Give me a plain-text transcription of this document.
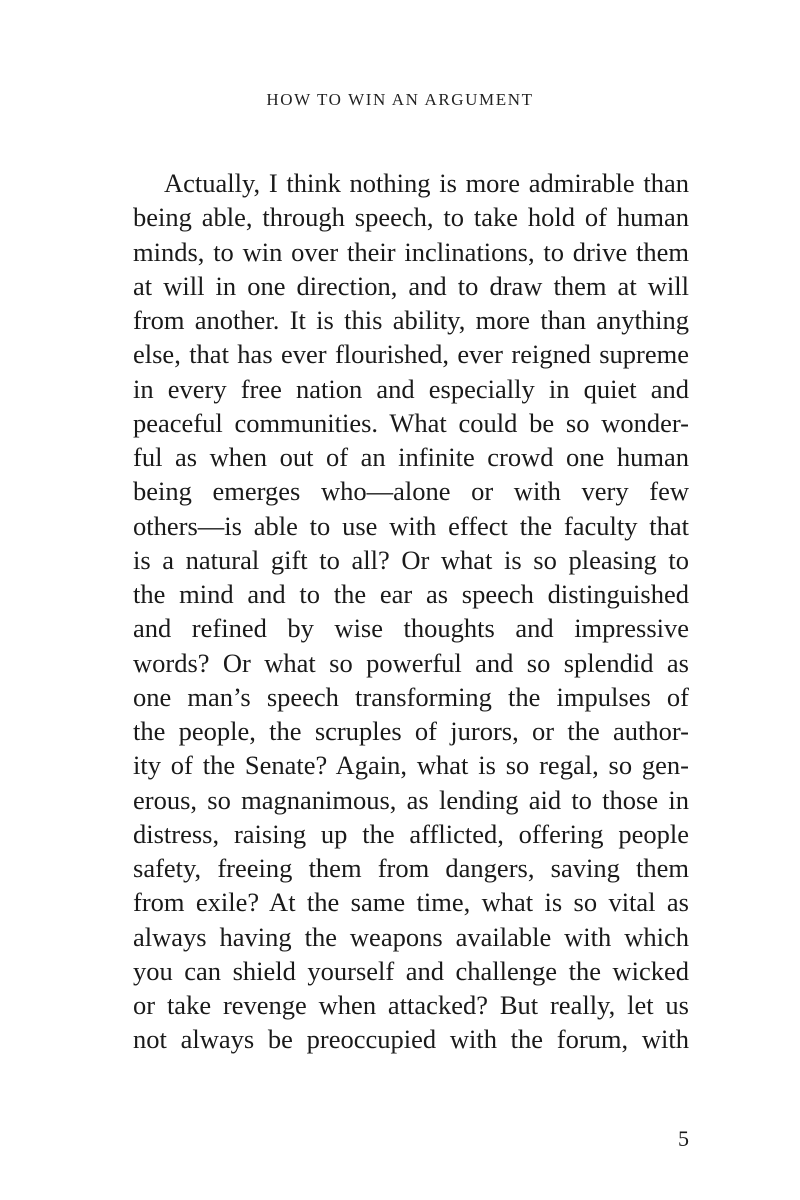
HOW TO WIN AN ARGUMENT

Actually, I think nothing is more admirable than
being able, through speech, to take hold of human
minds, to win over their inclinations, to drive them
at will in one direction, and to draw them at will
from another. It is this ability, more than anything
else, that has ever flourished, ever reigned supreme
in every free nation and especially in quiet and
peaceful communities. What could be so wonder-
ful as when out of an infinite crowd one human
being emerges who—alone or with very few
others—is able to use with effect the faculty that
is a natural gift to all? Or what is so pleasing to
the mind and to the ear as speech distinguished
and refined by wise thoughts and impressive
words? Or what so powerful and so splendid as
one man’s speech transforming the impulses of
the people, the scruples of jurors, or the author-
ity of the Senate? Again, what is so regal, so gen-
erous, so magnanimous, as lending aid to those in
distress, raising up the afflicted, offering people
safety, freeing them from dangers, saving them
from exile? At the same time, what is so vital as
always having the weapons available with which
you can shield yourself and challenge the wicked
or take revenge when attacked? But really, let us
not always be preoccupied with the forum, with

5
